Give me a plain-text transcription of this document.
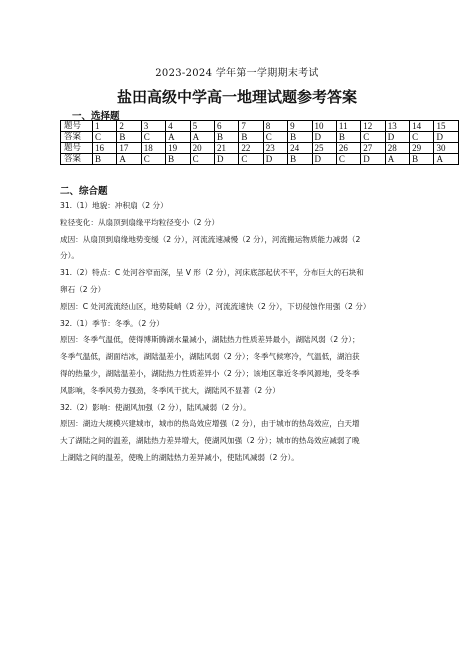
2023-2024 学年第一学期期末考试
盐田高级中学高一地理试题参考答案
一、选择题
题号	1	2	3	4	5	6	7	8	9	10	11	12	13	14	15
答案	C	B	C	A	A	B	B	C	B	D	B	C	D	C	D
题号	16	17	18	19	20	21	22	23	24	25	26	27	28	29	30
答案	B	A	C	B	C	D	C	D	B	D	C	D	A	B	A
二、综合题

31.（1）地貌：冲积扇（2 分）

粒径变化：从扇顶到扇缘平均粒径变小（2 分）

成因：从扇顶到扇缘地势变缓（2 分），河流流速减慢（2 分），河流搬运物质能力减弱（2

分）。

31.（2）特点：C 处河谷窄而深，呈 V 形（2 分），河床底部起伏不平，分布巨大的石块和

卵石（2 分）

原因：C 处河流流经山区，地势陡峭（2 分），河流流速快（2 分），下切侵蚀作用强（2 分）

32.（1）季节：冬季。（2 分）

原因：冬季气温低，使得博斯腾湖水量减小，湖陆热力性质差异最小，湖陆风弱（2 分）；

冬季气温低，湖面结冰，湖陆温差小，湖陆风弱（2 分）；冬季气候寒冷，气温低，湖泊获

得的热量少，湖陆温差小，湖陆热力性质差异小（2 分）；该地区靠近冬季风源地，受冬季

风影响，冬季风势力强劲，冬季风干扰大，湖陆风不显著（2 分）

32.（2）影响：使湖风加强（2 分），陆风减弱（2 分）。

原因：湖边大规模兴建城市，城市的热岛效应增强（2 分），由于城市的热岛效应，白天增

大了湖陆之间的温差，湖陆热力差异增大，使湖风加强（2 分）；城市的热岛效应减弱了晚

上湖陆之间的温差，使晚上的湖陆热力差异减小，使陆风减弱（2 分）。
